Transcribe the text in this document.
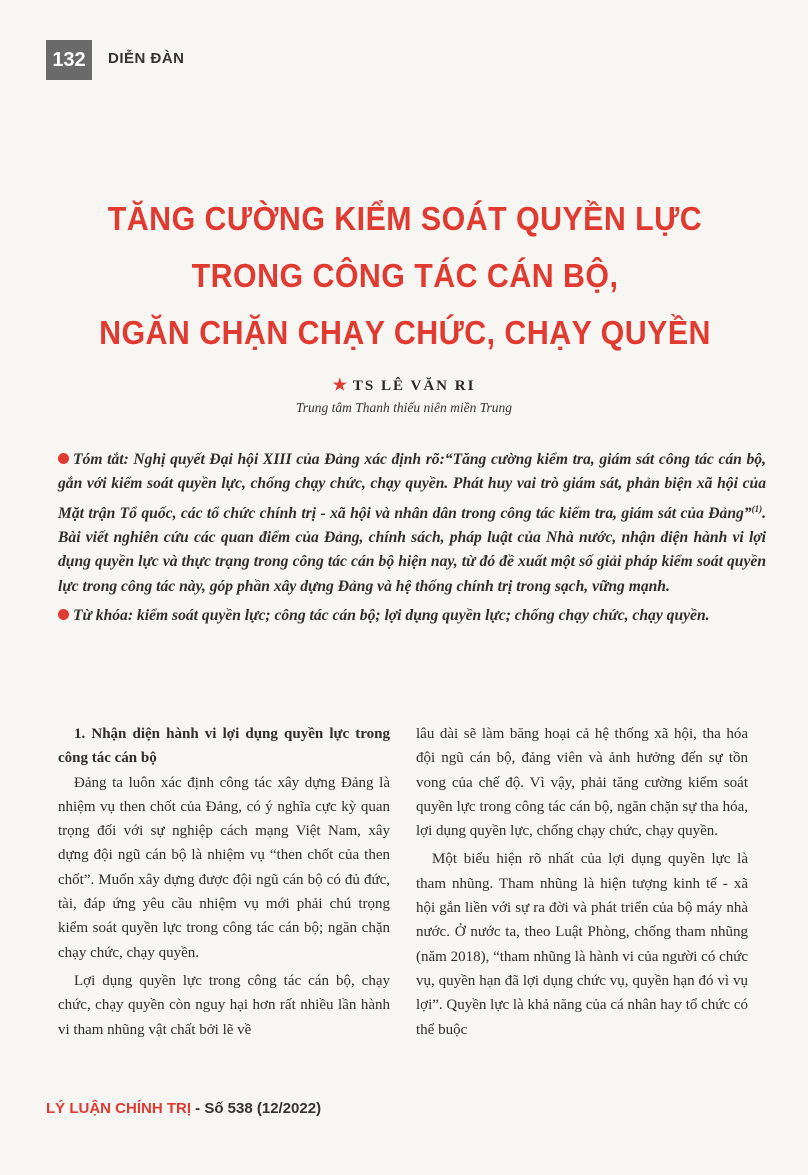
132	DIỄN ĐÀN
TĂNG CƯỜNG KIỂM SOÁT QUYỀN LỰC
TRONG CÔNG TÁC CÁN BỘ,
NGĂN CHẶN CHẠY CHỨC, CHẠY QUYỀN
★ TS LÊ VĂN RI
Trung tâm Thanh thiếu niên miền Trung

Tóm tắt: Nghị quyết Đại hội XIII của Đảng xác định rõ:“Tăng cường kiểm tra, giám sát công tác cán bộ, gắn với kiểm soát quyền lực, chống chạy chức, chạy quyền. Phát huy vai trò giám sát, phản biện xã hội của Mặt trận Tổ quốc, các tổ chức chính trị - xã hội và nhân dân trong công tác kiểm tra, giám sát của Đảng”$^{(1)}$. Bài viết nghiên cứu các quan điểm của Đảng, chính sách, pháp luật của Nhà nước, nhận diện hành vi lợi dụng quyền lực và thực trạng trong công tác cán bộ hiện nay, từ đó đề xuất một số giải pháp kiểm soát quyền lực trong công tác này, góp phần xây dựng Đảng và hệ thống chính trị trong sạch, vững mạnh.

Từ khóa: kiểm soát quyền lực; công tác cán bộ; lợi dụng quyền lực; chống chạy chức, chạy quyền.

1. Nhận diện hành vi lợi dụng quyền lực trong công tác cán bộ

Đảng ta luôn xác định công tác xây dựng Đảng là nhiệm vụ then chốt của Đảng, có ý nghĩa cực kỳ quan trọng đối với sự nghiệp cách mạng Việt Nam, xây dựng đội ngũ cán bộ là nhiệm vụ “then chốt của then chốt”. Muốn xây dựng được đội ngũ cán bộ có đủ đức, tài, đáp ứng yêu cầu nhiệm vụ mới phải chú trọng kiểm soát quyền lực trong công tác cán bộ; ngăn chặn chạy chức, chạy quyền.

Lợi dụng quyền lực trong công tác cán bộ, chạy chức, chạy quyền còn nguy hại hơn rất nhiều lần hành vi tham nhũng vật chất bởi lẽ về

lâu dài sẽ làm băng hoại cả hệ thống xã hội, tha hóa đội ngũ cán bộ, đảng viên và ảnh hưởng đến sự tồn vong của chế độ. Vì vậy, phải tăng cường kiểm soát quyền lực trong công tác cán bộ, ngăn chặn sự tha hóa, lợi dụng quyền lực, chống chạy chức, chạy quyền.

Một biểu hiện rõ nhất của lợi dụng quyền lực là tham nhũng. Tham nhũng là hiện tượng kinh tế - xã hội gắn liền với sự ra đời và phát triển của bộ máy nhà nước. Ở nước ta, theo Luật Phòng, chống tham nhũng (năm 2018), “tham nhũng là hành vi của người có chức vụ, quyền hạn đã lợi dụng chức vụ, quyền hạn đó vì vụ lợi”. Quyền lực là khả năng của cá nhân hay tổ chức có thể buộc

LÝ LUẬN CHÍNH TRỊ - Số 538 (12/2022)
